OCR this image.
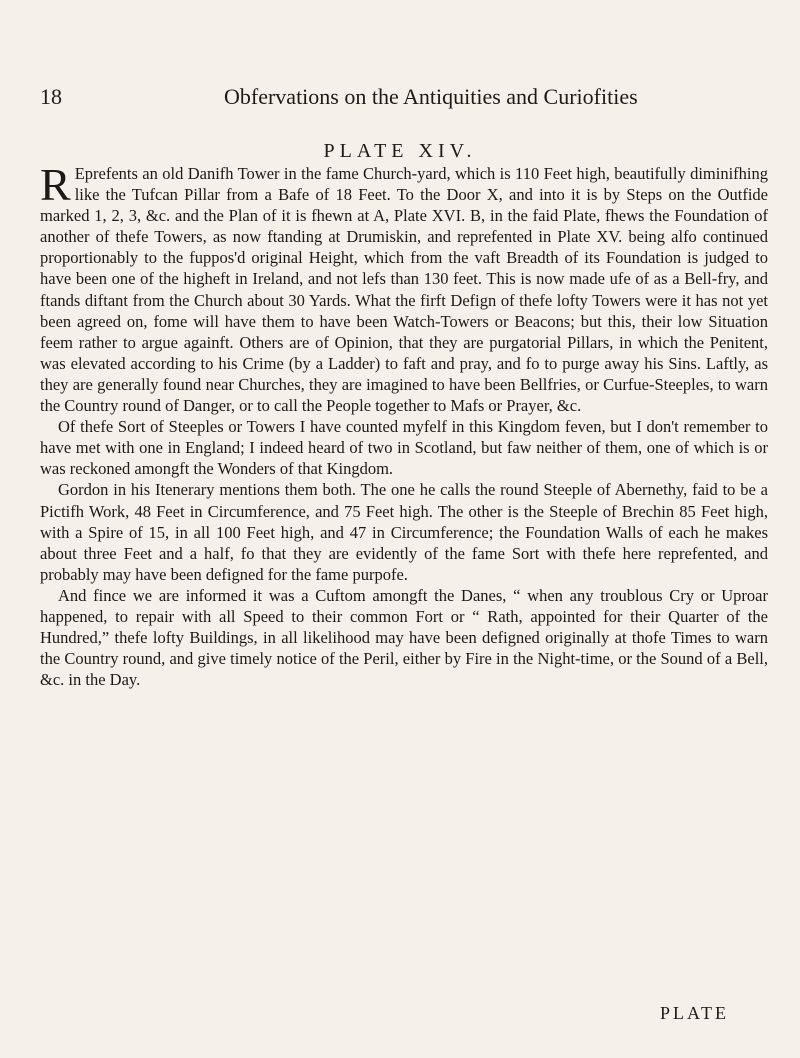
18	Obfervations on the Antiquities and Curiofities
PLATE XIV.

R Eprefents an old Danifh Tower in the fame Church-yard, which is 110 Feet high, beautifully diminifhing like the Tufcan Pillar from a Bafe of 18 Feet. To the Door X, and into it is by Steps on the Outfide marked 1, 2, 3, &c. and the Plan of it is fhewn at A, Plate XVI. B, in the faid Plate, fhews the Foundation of another of thefe Towers, as now ftanding at Drumiskin, and reprefented in Plate XV. being alfo continued proportionably to the fuppos'd original Height, which from the vaft Breadth of its Foundation is judged to have been one of the higheft in Ireland, and not lefs than 130 feet. This is now made ufe of as a Bell-fry, and ftands diftant from the Church about 30 Yards. What the firft Defign of thefe lofty Towers were it has not yet been agreed on, fome will have them to have been Watch-Towers or Beacons; but this, their low Situation feem rather to argue againft. Others are of Opinion, that they are purgatorial Pillars, in which the Penitent, was elevated according to his Crime (by a Ladder) to faft and pray, and fo to purge away his Sins. Laftly, as they are generally found near Churches, they are imagined to have been Bellfries, or Curfue-Steeples, to warn the Country round of Danger, or to call the People together to Mafs or Prayer, &c.

Of thefe Sort of Steeples or Towers I have counted myfelf in this Kingdom feven, but I don't remember to have met with one in England; I indeed heard of two in Scotland, but faw neither of them, one of which is or was reckoned amongft the Wonders of that Kingdom.

Gordon in his Itenerary mentions them both. The one he calls the round Steeple of Abernethy, faid to be a Pictifh Work, 48 Feet in Circumference, and 75 Feet high. The other is the Steeple of Brechin 85 Feet high, with a Spire of 15, in all 100 Feet high, and 47 in Circumference; the Foundation Walls of each he makes about three Feet and a half, fo that they are evidently of the fame Sort with thefe here reprefented, and probably may have been defigned for the fame purpofe.

And fince we are informed it was a Cuftom amongft the Danes, “ when any troublous Cry or Uproar happened, to repair with all Speed to their common Fort or “ Rath, appointed for their Quarter of the Hundred,” thefe lofty Buildings, in all likelihood may have been defigned originally at thofe Times to warn the Country round, and give timely notice of the Peril, either by Fire in the Night-time, or the Sound of a Bell, &c. in the Day.

PLATE
